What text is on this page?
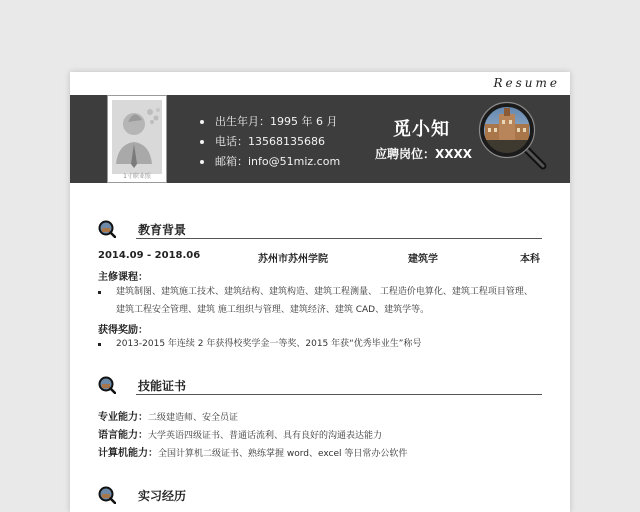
Resume
1寸职业照
出生年月：1995 年 6 月
电话：13568135686
邮箱：info@51miz.com
觅小知
应聘岗位：XXXX
教育背景
2014.09 - 2018.06	苏州市苏州学院	建筑学	本科
主修课程：
建筑制图、建筑施工技术、建筑结构、建筑构造、建筑工程测量、 工程造价电算化、建筑工程项目管理、
建筑工程安全管理、建筑 施工组织与管理、建筑经济、建筑 CAD、建筑学等。
获得奖励：
2013-2015 年连续 2 年获得校奖学金一等奖、2015 年获“优秀毕业生”称号
技能证书
专业能力：二级建造师、安全员证
语言能力：大学英语四级证书、普通话流利、具有良好的沟通表达能力
计算机能力：全国计算机二级证书、熟练掌握 word、excel 等日常办公软件
实习经历
